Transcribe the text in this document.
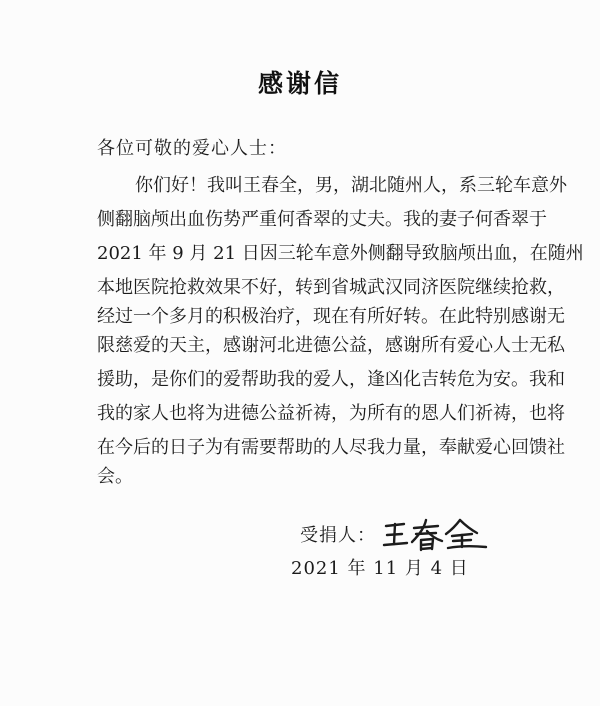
感谢信
各位可敬的爱心人士：
你们好！我叫王春全，男，湖北随州人，系三轮车意外
侧翻脑颅出血伤势严重何香翠的丈夫。我的妻子何香翠于
2021 年 9 月 21 日因三轮车意外侧翻导致脑颅出血，在随州
本地医院抢救效果不好，转到省城武汉同济医院继续抢救，
经过一个多月的积极治疗，现在有所好转。在此特别感谢无
限慈爱的天主，感谢河北进德公益，感谢所有爱心人士无私
援助，是你们的爱帮助我的爱人，逢凶化吉转危为安。我和
我的家人也将为进德公益祈祷，为所有的恩人们祈祷，也将
在今后的日子为有需要帮助的人尽我力量，奉献爱心回馈社
会。
受捐人：
2021 年 11 月 4 日
